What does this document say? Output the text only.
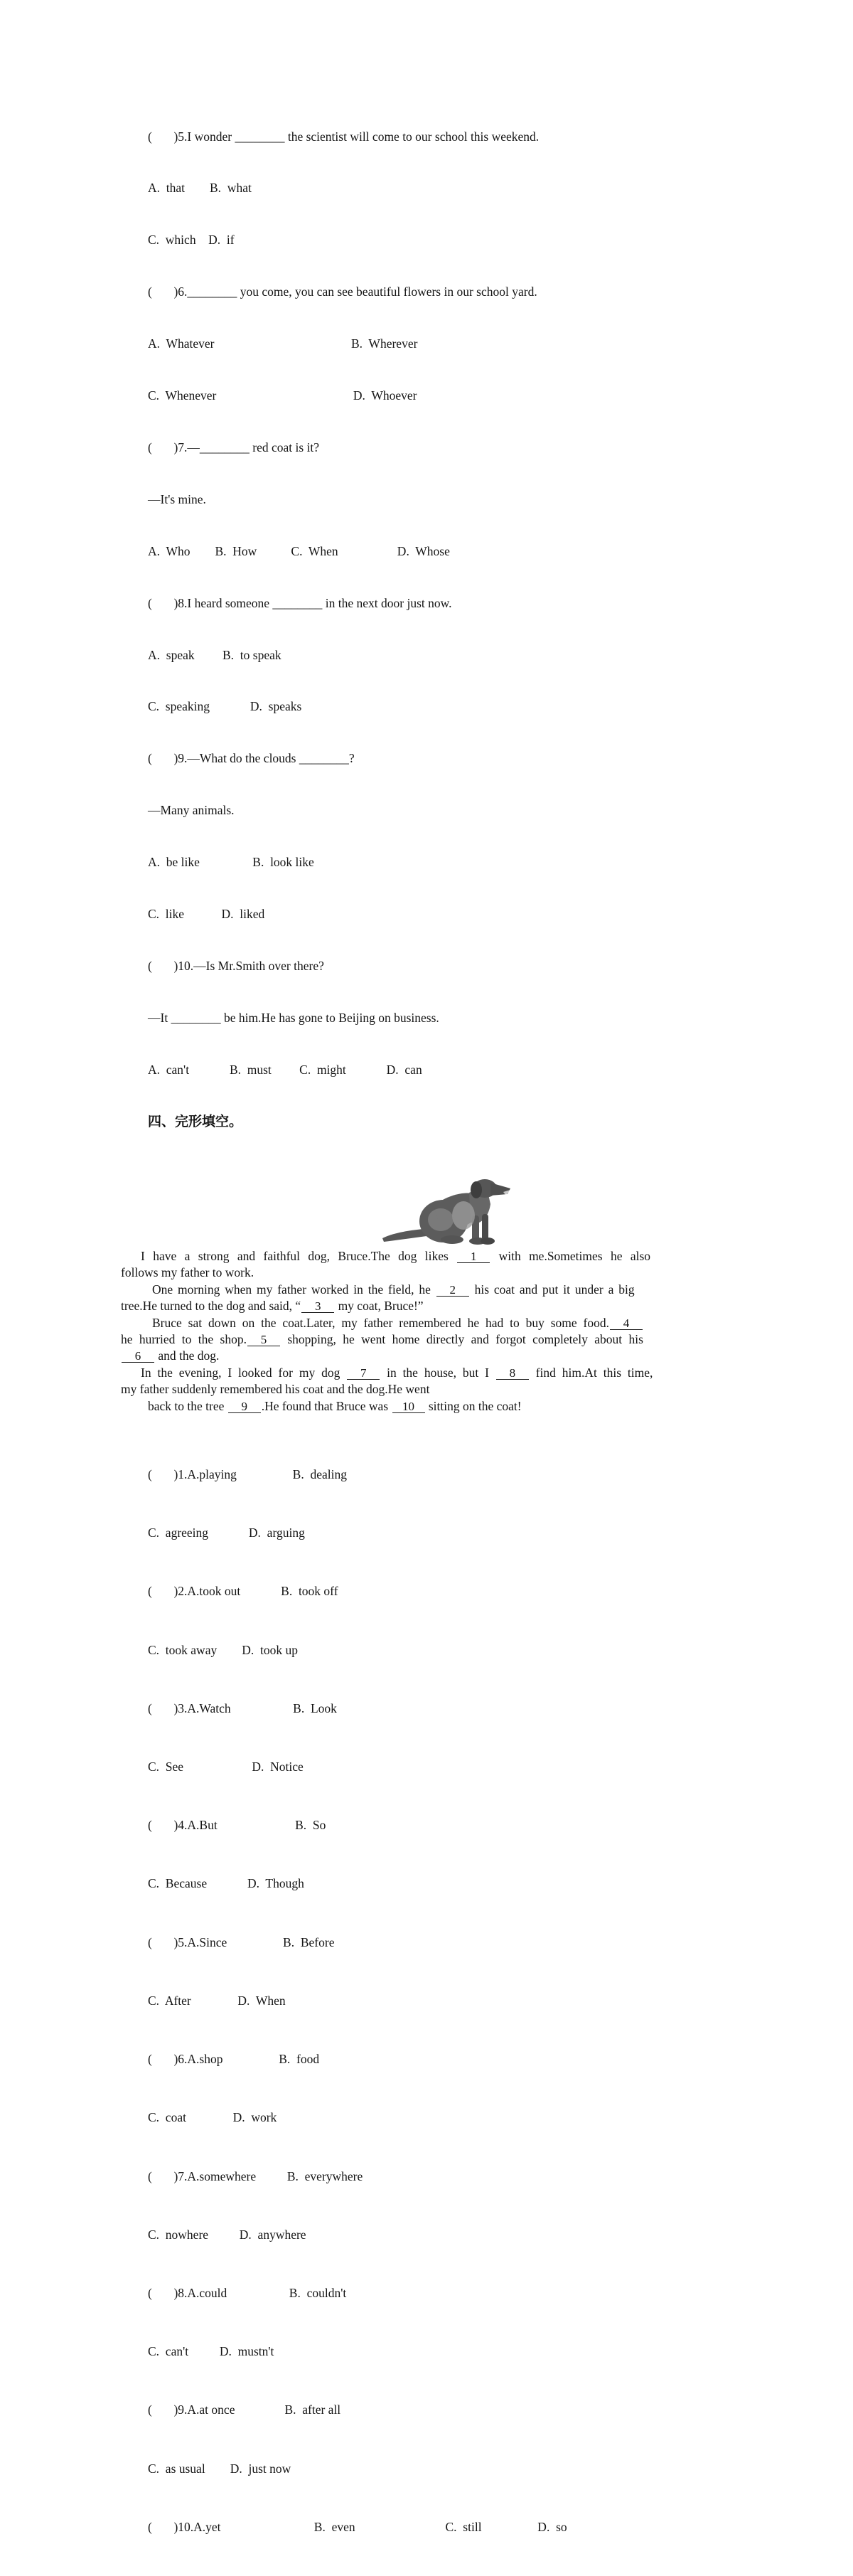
(       )5.I wonder ________ the scientist will come to our school this weekend.

A.  that        B.  what

C.  which    D.  if

(       )6.________ you come, you can see beautiful flowers in our school yard.

A.  Whatever                                            B.  Wherever

C.  Whenever                                            D.  Whoever

(       )7.—________ red coat is it?

—It's mine.

A.  Who        B.  How           C.  When                   D.  Whose

(       )8.I heard someone ________ in the next door just now.

A.  speak         B.  to speak

C.  speaking             D.  speaks

(       )9.—What do the clouds ________?

—Many animals.

A.  be like                 B.  look like

C.  like            D.  liked

(       )10.—Is Mr.Smith over there?

—It ________ be him.He has gone to Beijing on business.

A.  can't             B.  must         C.  might             D.  can

四、完形填空。
I have a strong and faithful dog, Bruce.The dog likes 1 with me.Sometimes he also
follows my father to work.
One morning when my father worked in the field, he 2 his coat and put it under a big
tree.He turned to the dog and said, “ 3 my coat, Bruce!”
Bruce sat down on the coat.Later, my father remembered he had to buy some food. 4
he hurried to the shop. 5 shopping, he went home directly and forgot completely about his
6 and the dog.
In the evening, I looked for my dog 7 in the house, but I 8 find him.At this time,
my father suddenly remembered his coat and the dog.He went
back to the tree 9 .He found that Bruce was 10 sitting on the coat!

(       )1.A.playing                  B.  dealing

C.  agreeing             D.  arguing

(       )2.A.took out             B.  took off

C.  took away        D.  took up

(       )3.A.Watch                    B.  Look

C.  See                      D.  Notice

(       )4.A.But                         B.  So

C.  Because             D.  Though

(       )5.A.Since                  B.  Before

C.  After               D.  When

(       )6.A.shop                  B.  food

C.  coat               D.  work

(       )7.A.somewhere          B.  everywhere

C.  nowhere          D.  anywhere

(       )8.A.could                    B.  couldn't

C.  can't          D.  mustn't

(       )9.A.at once                B.  after all

C.  as usual        D.  just now

(       )10.A.yet                              B.  even                             C.  still                  D.  so
